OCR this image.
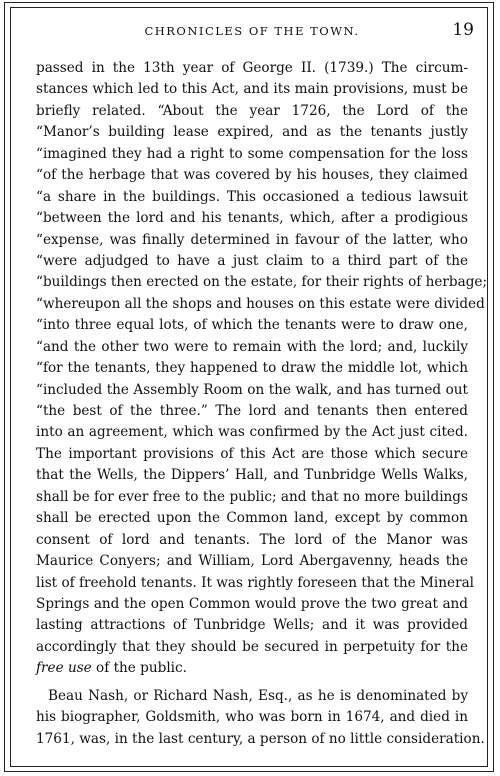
CHRONICLES OF THE TOWN.	19
passed in the 13th year of George II. (1739.) The circum-
stances which led to this Act, and its main provisions, must be
briefly related. “About the year 1726, the Lord of the
“Manor’s building lease expired, and as the tenants justly
“imagined they had a right to some compensation for the loss
“of the herbage that was covered by his houses, they claimed
“a share in the buildings. This occasioned a tedious lawsuit
“between the lord and his tenants, which, after a prodigious
“expense, was finally determined in favour of the latter, who
“were adjudged to have a just claim to a third part of the
“buildings then erected on the estate, for their rights of herbage;
“whereupon all the shops and houses on this estate were divided
“into three equal lots, of which the tenants were to draw one,
“and the other two were to remain with the lord; and, luckily
“for the tenants, they happened to draw the middle lot, which
“included the Assembly Room on the walk, and has turned out
“the best of the three.” The lord and tenants then entered
into an agreement, which was confirmed by the Act just cited.
The important provisions of this Act are those which secure
that the Wells, the Dippers’ Hall, and Tunbridge Wells Walks,
shall be for ever free to the public; and that no more buildings
shall be erected upon the Common land, except by common
consent of lord and tenants. The lord of the Manor was
Maurice Conyers; and William, Lord Abergavenny, heads the
list of freehold tenants. It was rightly foreseen that the Mineral
Springs and the open Common would prove the two great and
lasting attractions of Tunbridge Wells; and it was provided
accordingly that they should be secured in perpetuity for the
free use of the public.
Beau Nash, or Richard Nash, Esq., as he is denominated by
his biographer, Goldsmith, who was born in 1674, and died in
1761, was, in the last century, a person of no little consideration.
